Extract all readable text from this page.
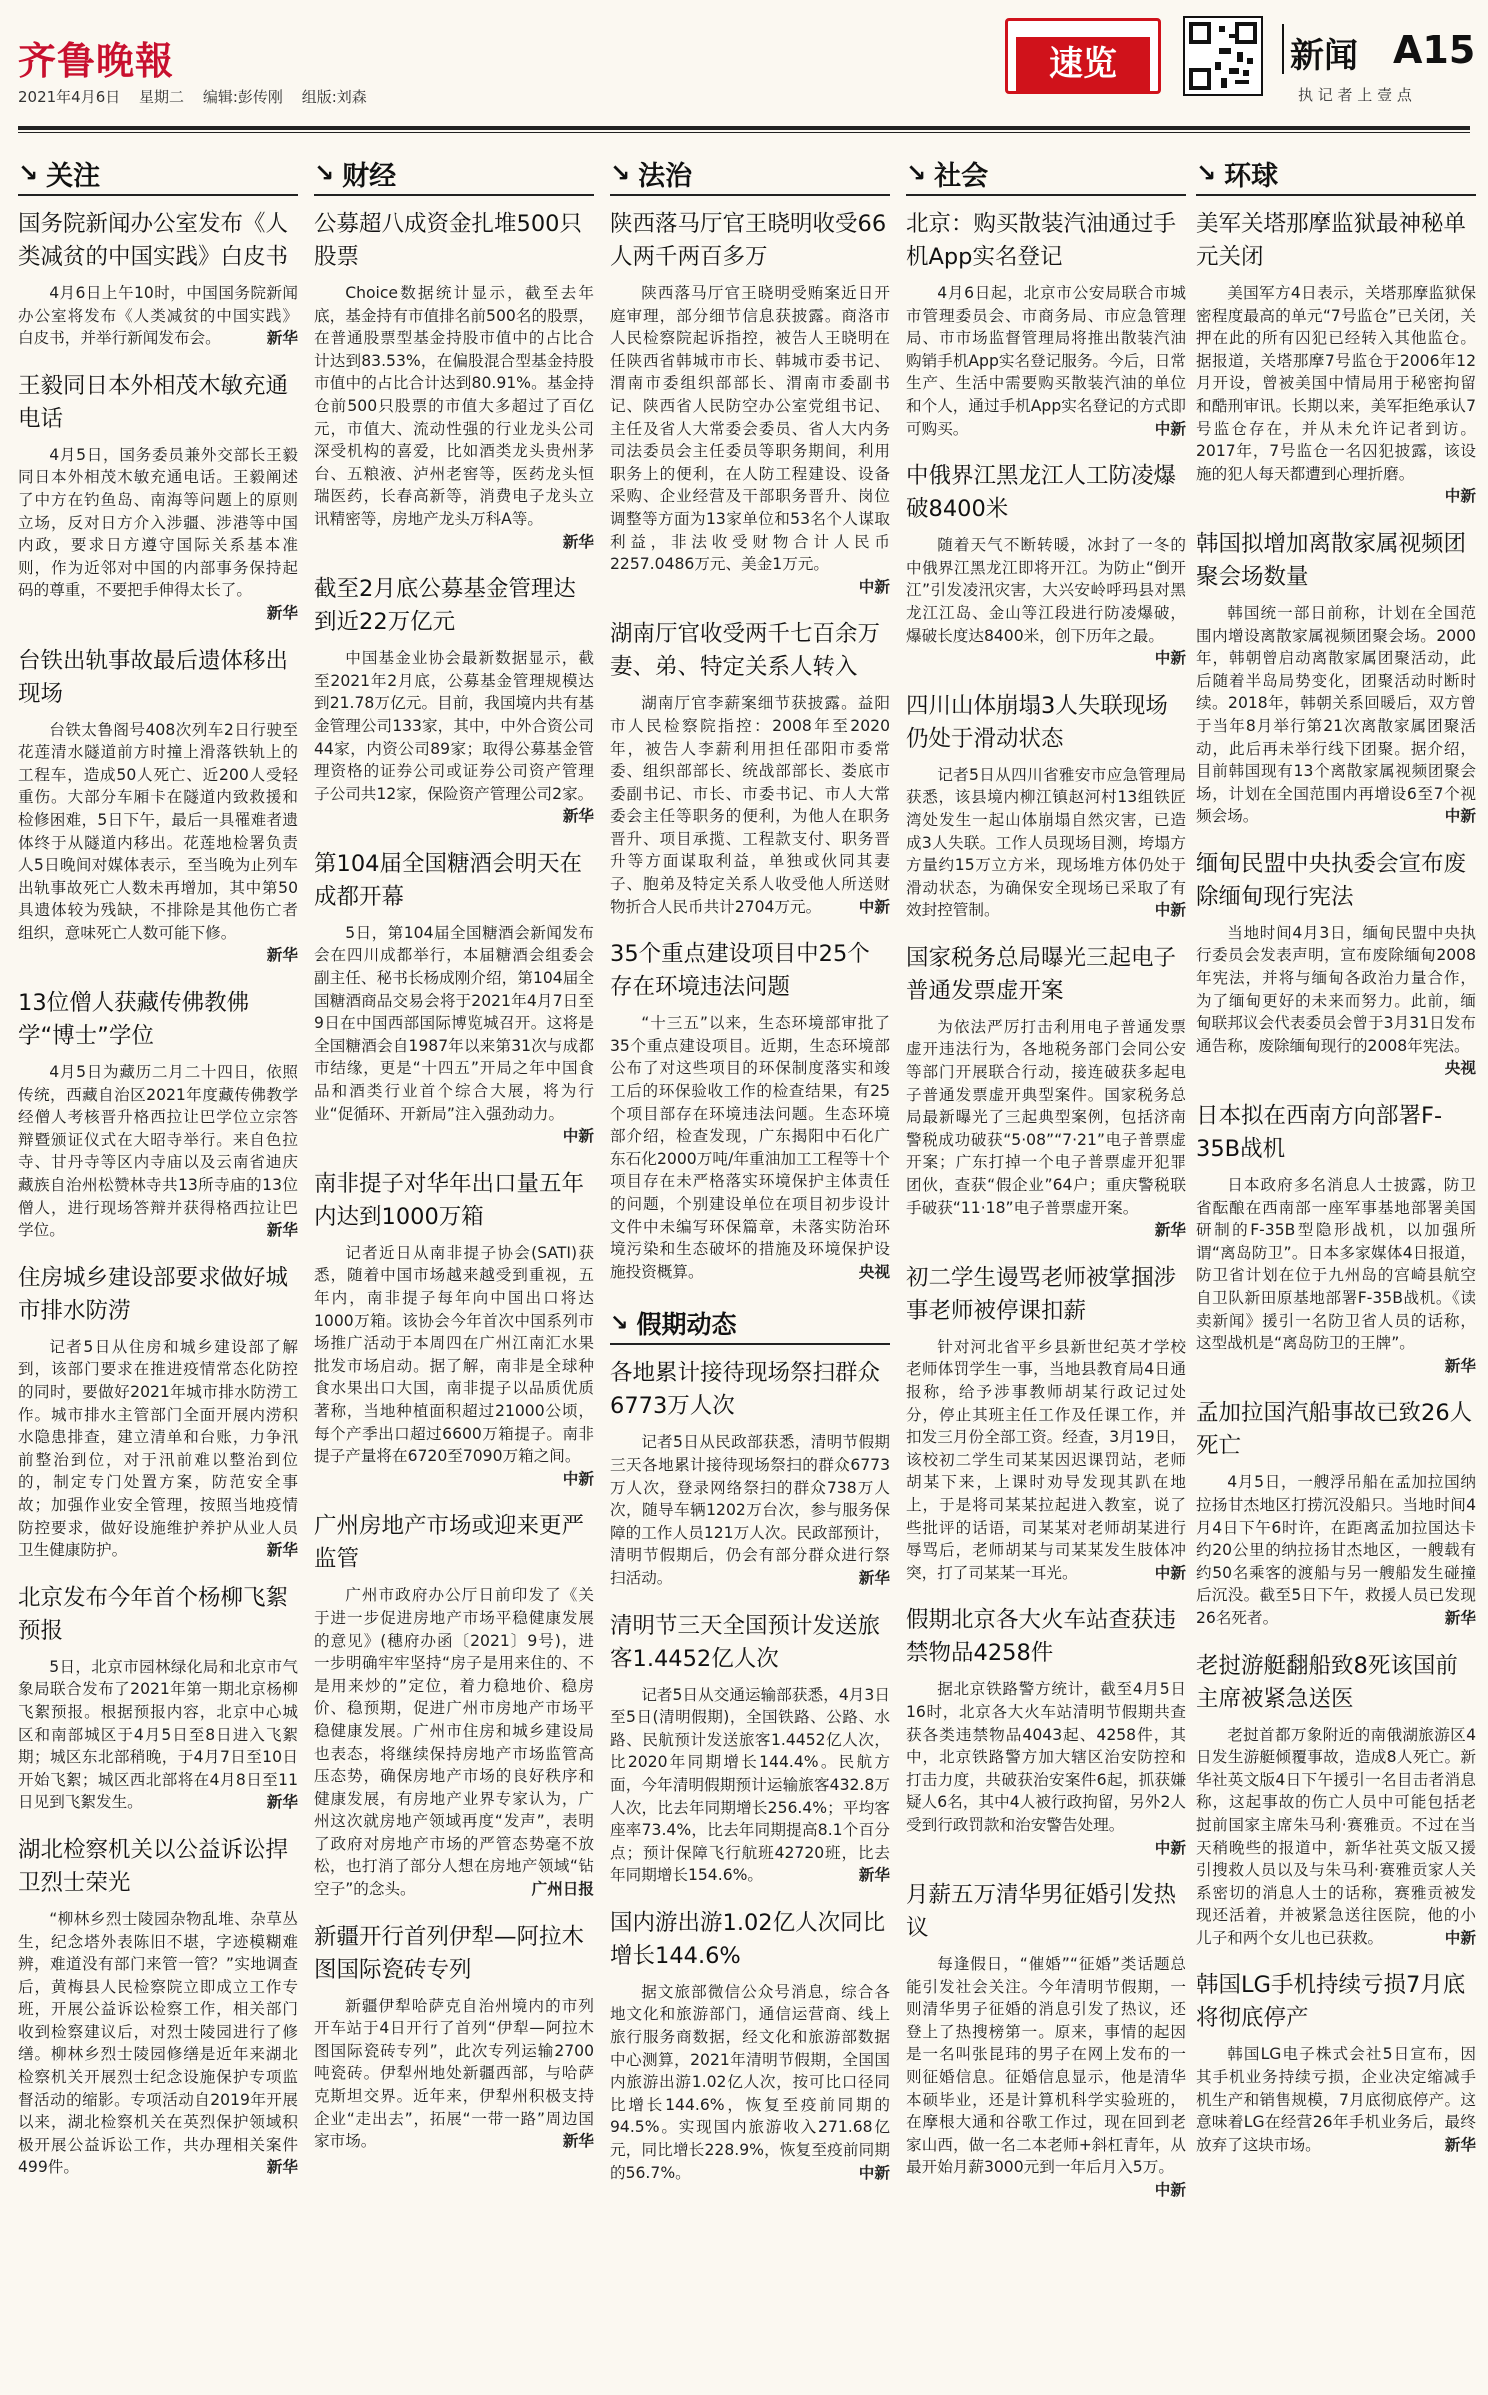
齐鲁晚報
2021年4月6日 星期二 编辑:彭传刚 组版:刘森
速览	新闻 A15
执 记 者 上 壹 点
↘ 关注
国务院新闻办公室发布《人类减贫的中国实践》白皮书
4月6日上午10时，中国国务院新闻办公室将发布《人类减贫的中国实践》白皮书，并举行新闻发布会。	新华
王毅同日本外相茂木敏充通电话
4月5日，国务委员兼外交部长王毅同日本外相茂木敏充通电话。王毅阐述了中方在钓鱼岛、南海等问题上的原则立场，反对日方介入涉疆、涉港等中国内政，要求日方遵守国际关系基本准则，作为近邻对中国的内部事务保持起码的尊重，不要把手伸得太长了。
新华
台铁出轨事故最后遗体移出现场
台铁太鲁阁号408次列车2日行驶至花莲清水隧道前方时撞上滑落铁轨上的工程车，造成50人死亡、近200人受轻重伤。大部分车厢卡在隧道内致救援和检修困难，5日下午，最后一具罹难者遗体终于从隧道内移出。花莲地检署负责人5日晚间对媒体表示，至当晚为止列车出轨事故死亡人数未再增加，其中第50具遗体较为残缺，不排除是其他伤亡者组织，意味死亡人数可能下修。
新华
13位僧人获藏传佛教佛学“博士”学位
4月5日为藏历二月二十四日，依照传统，西藏自治区2021年度藏传佛教学经僧人考核晋升格西拉让巴学位立宗答辩暨颁证仪式在大昭寺举行。来自色拉寺、甘丹寺等区内寺庙以及云南省迪庆藏族自治州松赞林寺共13所寺庙的13位僧人，进行现场答辩并获得格西拉让巴学位。	新华
住房城乡建设部要求做好城市排水防涝
记者5日从住房和城乡建设部了解到，该部门要求在推进疫情常态化防控的同时，要做好2021年城市排水防涝工作。城市排水主管部门全面开展内涝积水隐患排查，建立清单和台账，力争汛前整治到位，对于汛前难以整治到位的，制定专门处置方案，防范安全事故；加强作业安全管理，按照当地疫情防控要求，做好设施维护养护从业人员卫生健康防护。	新华
北京发布今年首个杨柳飞絮预报
5日，北京市园林绿化局和北京市气象局联合发布了2021年第一期北京杨柳飞絮预报。根据预报内容，北京中心城区和南部城区于4月5日至8日进入飞絮期；城区东北部稍晚，于4月7日至10日开始飞絮；城区西北部将在4月8日至11日见到飞絮发生。	新华
湖北检察机关以公益诉讼捍卫烈士荣光
“柳林乡烈士陵园杂物乱堆、杂草丛生，纪念塔外表陈旧不堪，字迹模糊难辨，难道没有部门来管一管？”实地调查后，黄梅县人民检察院立即成立工作专班，开展公益诉讼检察工作，相关部门收到检察建议后，对烈士陵园进行了修缮。柳林乡烈士陵园修缮是近年来湖北检察机关开展烈士纪念设施保护专项监督活动的缩影。专项活动自2019年开展以来，湖北检察机关在英烈保护领域积极开展公益诉讼工作，共办理相关案件499件。	新华
↘ 财经
公募超八成资金扎堆500只股票
Choice数据统计显示，截至去年底，基金持有市值排名前500名的股票，在普通股票型基金持股市值中的占比合计达到83.53%，在偏股混合型基金持股市值中的占比合计达到80.91%。基金持仓前500只股票的市值大多超过了百亿元，市值大、流动性强的行业龙头公司深受机构的喜爱，比如酒类龙头贵州茅台、五粮液、泸州老窖等，医药龙头恒瑞医药，长春高新等，消费电子龙头立讯精密等，房地产龙头万科A等。
新华
截至2月底公募基金管理达到近22万亿元
中国基金业协会最新数据显示，截至2021年2月底，公募基金管理规模达到21.78万亿元。目前，我国境内共有基金管理公司133家，其中，中外合资公司44家，内资公司89家；取得公募基金管理资格的证券公司或证券公司资产管理子公司共12家，保险资产管理公司2家。
新华
第104届全国糖酒会明天在成都开幕
5日，第104届全国糖酒会新闻发布会在四川成都举行，本届糖酒会组委会副主任、秘书长杨成刚介绍，第104届全国糖酒商品交易会将于2021年4月7日至9日在中国西部国际博览城召开。这将是全国糖酒会自1987年以来第31次与成都市结缘，更是“十四五”开局之年中国食品和酒类行业首个综合大展，将为行业“促循环、开新局”注入强劲动力。
中新
南非提子对华年出口量五年内达到1000万箱
记者近日从南非提子协会(SATI)获悉，随着中国市场越来越受到重视，五年内，南非提子每年向中国出口将达1000万箱。该协会今年首次中国系列市场推广活动于本周四在广州江南汇水果批发市场启动。据了解，南非是全球种食水果出口大国，南非提子以品质优质著称，当地种植面积超过21000公顷，每个产季出口超过6600万箱提子。南非提子产量将在6720至7090万箱之间。
中新
广州房地产市场或迎来更严监管
广州市政府办公厅日前印发了《关于进一步促进房地产市场平稳健康发展的意见》(穗府办函〔2021〕9号)，进一步明确牢牢坚持“房子是用来住的、不是用来炒的”定位，着力稳地价、稳房价、稳预期，促进广州市房地产市场平稳健康发展。广州市住房和城乡建设局也表态，将继续保持房地产市场监管高压态势，确保房地产市场的良好秩序和健康发展，有房地产业界专家认为，广州这次就房地产领域再度“发声”，表明了政府对房地产市场的严管态势毫不放松，也打消了部分人想在房地产领域“钻空子”的念头。	广州日报
新疆开行首列伊犁—阿拉木图国际瓷砖专列
新疆伊犁哈萨克自治州境内的市列开车站于4日开行了首列“伊犁—阿拉木图国际瓷砖专列”，此次专列运输2700吨瓷砖。伊犁州地处新疆西部，与哈萨克斯坦交界。近年来，伊犁州积极支持企业“走出去”，拓展“一带一路”周边国家市场。	新华
↘ 法治
陕西落马厅官王晓明收受66人两千两百多万
陕西落马厅官王晓明受贿案近日开庭审理，部分细节信息获披露。商洛市人民检察院起诉指控，被告人王晓明在任陕西省韩城市市长、韩城市委书记、渭南市委组织部部长、渭南市委副书记、陕西省人民防空办公室党组书记、主任及省人大常委会委员、省人大内务司法委员会主任委员等职务期间，利用职务上的便利，在人防工程建设、设备采购、企业经营及干部职务晋升、岗位调整等方面为13家单位和53名个人谋取利益，非法收受财物合计人民币2257.0486万元、美金1万元。
中新
湖南厅官收受两千七百余万妻、弟、特定关系人转入
湖南厅官李薪案细节获披露。益阳市人民检察院指控：2008年至2020年，被告人李薪利用担任邵阳市委常委、组织部部长、统战部部长、娄底市委副书记、市长、市委书记、市人大常委会主任等职务的便利，为他人在职务晋升、项目承揽、工程款支付、职务晋升等方面谋取利益，单独或伙同其妻子、胞弟及特定关系人收受他人所送财物折合人民币共计2704万元。	中新
35个重点建设项目中25个存在环境违法问题
“十三五”以来，生态环境部审批了35个重点建设项目。近期，生态环境部公布了对这些项目的环保制度落实和竣工后的环保验收工作的检查结果，有25个项目部存在环境违法问题。生态环境部介绍，检查发现，广东揭阳中石化广东石化2000万吨/年重油加工工程等十个项目存在未严格落实环境保护主体责任的问题，个别建设单位在项目初步设计文件中未编写环保篇章，未落实防治环境污染和生态破坏的措施及环境保护设施投资概算。	央视
↘ 假期动态
各地累计接待现场祭扫群众6773万人次
记者5日从民政部获悉，清明节假期三天各地累计接待现场祭扫的群众6773万人次，登录网络祭扫的群众738万人次，随导车辆1202万台次，参与服务保障的工作人员121万人次。民政部预计，清明节假期后，仍会有部分群众进行祭扫活动。	新华
清明节三天全国预计发送旅客1.4452亿人次
记者5日从交通运输部获悉，4月3日至5日(清明假期)，全国铁路、公路、水路、民航预计发送旅客1.4452亿人次，比2020年同期增长144.4%。民航方面，今年清明假期预计运输旅客432.8万人次，比去年同期增长256.4%；平均客座率73.4%，比去年同期提高8.1个百分点；预计保障飞行航班42720班，比去年同期增长154.6%。	新华
国内游出游1.02亿人次同比增长144.6%
据文旅部微信公众号消息，综合各地文化和旅游部门，通信运营商、线上旅行服务商数据，经文化和旅游部数据中心测算，2021年清明节假期，全国国内旅游出游1.02亿人次，按可比口径同比增长144.6%，恢复至疫前同期的94.5%。实现国内旅游收入271.68亿元，同比增长228.9%，恢复至疫前同期的56.7%。	中新
↘ 社会
北京：购买散装汽油通过手机App实名登记
4月6日起，北京市公安局联合市城市管理委员会、市商务局、市应急管理局、市市场监督管理局将推出散装汽油购销手机App实名登记服务。今后，日常生产、生活中需要购买散装汽油的单位和个人，通过手机App实名登记的方式即可购买。	中新
中俄界江黑龙江人工防凌爆破8400米
随着天气不断转暖，冰封了一冬的中俄界江黑龙江即将开江。为防止“倒开江”引发凌汛灾害，大兴安岭呼玛县对黑龙江江岛、金山等江段进行防凌爆破，爆破长度达8400米，创下历年之最。
中新
四川山体崩塌3人失联现场仍处于滑动状态
记者5日从四川省雅安市应急管理局获悉，该县境内柳江镇赵河村13组铁匠湾处发生一起山体崩塌自然灾害，已造成3人失联。工作人员现场目测，垮塌方方量约15万立方米，现场堆方体仍处于滑动状态，为确保安全现场已采取了有效封控管制。	中新
国家税务总局曝光三起电子普通发票虚开案
为依法严厉打击利用电子普通发票虚开违法行为，各地税务部门会同公安等部门开展联合行动，接连破获多起电子普通发票虚开典型案件。国家税务总局最新曝光了三起典型案例，包括济南警税成功破获“5·08”“7·21”电子普票虚开案；广东打掉一个电子普票虚开犯罪团伙，查获“假企业”64户；重庆警税联手破获“11·18”电子普票虚开案。
新华
初二学生谩骂老师被掌掴涉事老师被停课扣薪
针对河北省平乡县新世纪英才学校老师体罚学生一事，当地县教育局4日通报称，给予涉事教师胡某行政记过处分，停止其班主任工作及任课工作，并扣发三月份全部工资。经查，3月19日，该校初二学生司某某因迟课罚站，老师胡某下来，上课时劝导发现其趴在地上，于是将司某某拉起进入教室，说了些批评的话语，司某某对老师胡某进行辱骂后，老师胡某与司某某发生肢体冲突，打了司某某一耳光。	中新
假期北京各大火车站查获违禁物品4258件
据北京铁路警方统计，截至4月5日16时，北京各大火车站清明节假期共查获各类违禁物品4043起、4258件，其中，北京铁路警方加大辖区治安防控和打击力度，共破获治安案件6起，抓获嫌疑人6名，其中4人被行政拘留，另外2人受到行政罚款和治安警告处理。
中新
月薪五万清华男征婚引发热议
每逢假日，“催婚”“征婚”类话题总能引发社会关注。今年清明节假期，一则清华男子征婚的消息引发了热议，还登上了热搜榜第一。原来，事情的起因是一名叫张昆玮的男子在网上发布的一则征婚信息。征婚信息显示，他是清华本硕毕业，还是计算机科学实验班的，在摩根大通和谷歌工作过，现在回到老家山西，做一名二本老师+斜杠青年，从最开始月薪3000元到一年后月入5万。
中新
↘ 环球
美军关塔那摩监狱最神秘单元关闭
美国军方4日表示，关塔那摩监狱保密程度最高的单元“7号监仓”已关闭，关押在此的所有囚犯已经转入其他监仓。据报道，关塔那摩7号监仓于2006年12月开设，曾被美国中情局用于秘密拘留和酷刑审讯。长期以来，美军拒绝承认7号监仓存在，并从未允许记者到访。2017年，7号监仓一名囚犯披露，该设施的犯人每天都遭到心理折磨。
中新
韩国拟增加离散家属视频团聚会场数量
韩国统一部日前称，计划在全国范围内增设离散家属视频团聚会场。2000年，韩朝曾启动离散家属团聚活动，此后随着半岛局势变化，团聚活动时断时续。2018年，韩朝关系回暖后，双方曾于当年8月举行第21次离散家属团聚活动，此后再未举行线下团聚。据介绍，目前韩国现有13个离散家属视频团聚会场，计划在全国范围内再增设6至7个视频会场。	中新
缅甸民盟中央执委会宣布废除缅甸现行宪法
当地时间4月3日，缅甸民盟中央执行委员会发表声明，宣布废除缅甸2008年宪法，并将与缅甸各政治力量合作，为了缅甸更好的未来而努力。此前，缅甸联邦议会代表委员会曾于3月31日发布通告称，废除缅甸现行的2008年宪法。
央视
日本拟在西南方向部署F-35B战机
日本政府多名消息人士披露，防卫省酝酿在西南部一座军事基地部署美国研制的F-35B型隐形战机，以加强所谓“离岛防卫”。日本多家媒体4日报道，防卫省计划在位于九州岛的宫崎县航空自卫队新田原基地部署F-35B战机。《读卖新闻》援引一名防卫省人员的话称，这型战机是“离岛防卫的王牌”。
新华
孟加拉国汽船事故已致26人死亡
4月5日，一艘浮吊船在孟加拉国纳拉扬甘杰地区打捞沉没船只。当地时间4月4日下午6时许，在距离孟加拉国达卡约20公里的纳拉扬甘杰地区，一艘载有约50名乘客的渡船与另一艘船发生碰撞后沉没。截至5日下午，救援人员已发现26名死者。	新华
老挝游艇翻船致8死该国前主席被紧急送医
老挝首都万象附近的南俄湖旅游区4日发生游艇倾覆事故，造成8人死亡。新华社英文版4日下午援引一名目击者消息称，这起事故的伤亡人员中可能包括老挝前国家主席朱马利·赛雅贡。不过在当天稍晚些的报道中，新华社英文版又援引搜救人员以及与朱马利·赛雅贡家人关系密切的消息人士的话称，赛雅贡被发现还活着，并被紧急送往医院，他的小儿子和两个女儿也已获救。	中新
韩国LG手机持续亏损7月底将彻底停产
韩国LG电子株式会社5日宣布，因其手机业务持续亏损，企业决定缩减手机生产和销售规模，7月底彻底停产。这意味着LG在经营26年手机业务后，最终放弃了这块市场。	新华
